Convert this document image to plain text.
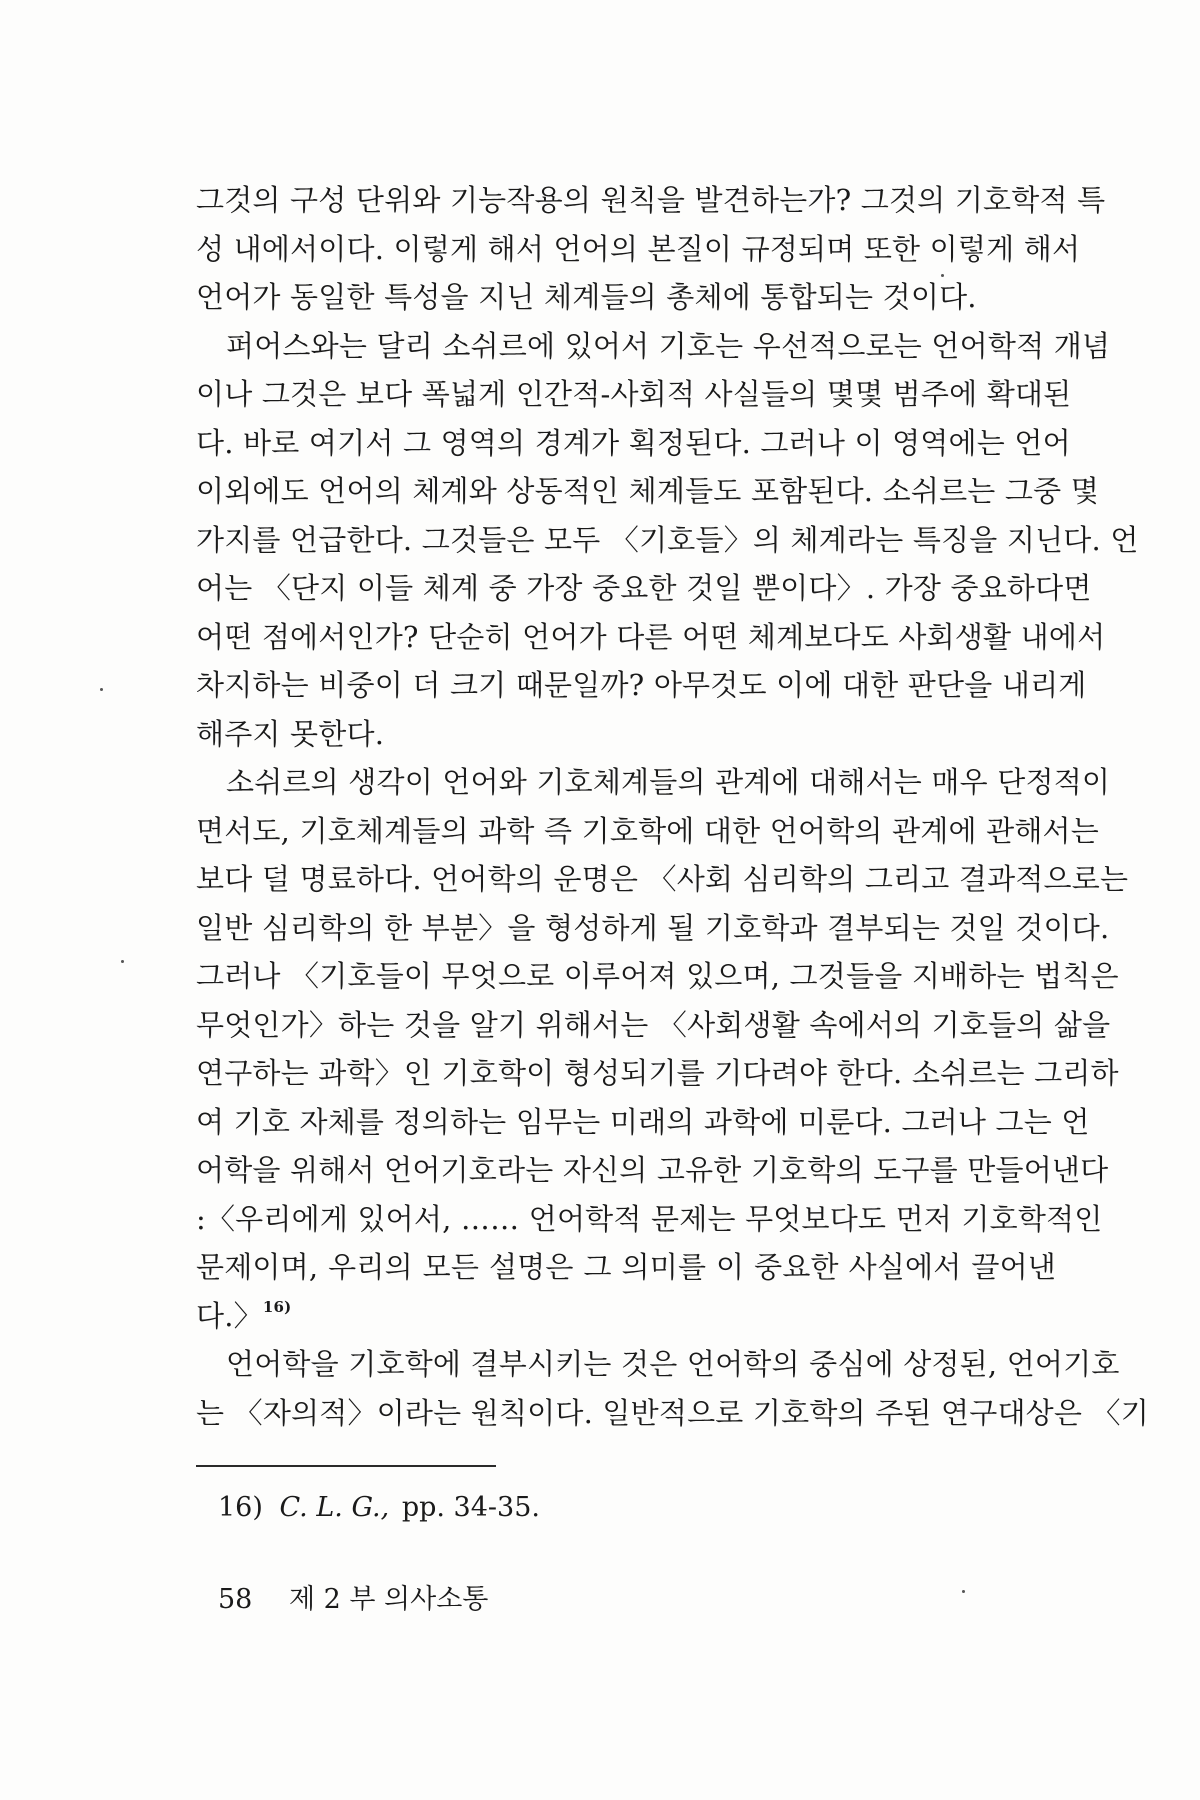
그것의 구성 단위와 기능작용의 원칙을 발견하는가? 그것의 기호학적 특
성 내에서이다. 이렇게 해서 언어의 본질이 규정되며 또한 이렇게 해서
언어가 동일한 특성을 지닌 체계들의 총체에 통합되는 것이다.
퍼어스와는 달리 소쉬르에 있어서 기호는 우선적으로는 언어학적 개념
이나 그것은 보다 폭넓게 인간적-사회적 사실들의 몇몇 범주에 확대된
다. 바로 여기서 그 영역의 경계가 획정된다. 그러나 이 영역에는 언어
이외에도 언어의 체계와 상동적인 체계들도 포함된다. 소쉬르는 그중 몇
가지를 언급한다. 그것들은 모두 〈기호들〉의 체계라는 특징을 지닌다. 언
어는 〈단지 이들 체계 중 가장 중요한 것일 뿐이다〉. 가장 중요하다면
어떤 점에서인가? 단순히 언어가 다른 어떤 체계보다도 사회생활 내에서
차지하는 비중이 더 크기 때문일까? 아무것도 이에 대한 판단을 내리게
해주지 못한다.
소쉬르의 생각이 언어와 기호체계들의 관계에 대해서는 매우 단정적이
면서도, 기호체계들의 과학 즉 기호학에 대한 언어학의 관계에 관해서는
보다 덜 명료하다. 언어학의 운명은 〈사회 심리학의 그리고 결과적으로는
일반 심리학의 한 부분〉을 형성하게 될 기호학과 결부되는 것일 것이다.
그러나 〈기호들이 무엇으로 이루어져 있으며, 그것들을 지배하는 법칙은
무엇인가〉하는 것을 알기 위해서는 〈사회생활 속에서의 기호들의 삶을
연구하는 과학〉인 기호학이 형성되기를 기다려야 한다. 소쉬르는 그리하
여 기호 자체를 정의하는 임무는 미래의 과학에 미룬다. 그러나 그는 언
어학을 위해서 언어기호라는 자신의 고유한 기호학의 도구를 만들어낸다
:〈우리에게 있어서, …… 언어학적 문제는 무엇보다도 먼저 기호학적인
문제이며, 우리의 모든 설명은 그 의미를 이 중요한 사실에서 끌어낸
다.〉$^{16)}$
언어학을 기호학에 결부시키는 것은 언어학의 중심에 상정된, 언어기호
는 〈자의적〉이라는 원칙이다. 일반적으로 기호학의 주된 연구대상은 〈기
16) C. L. G., pp. 34-35.
58 제 2 부 의사소통
